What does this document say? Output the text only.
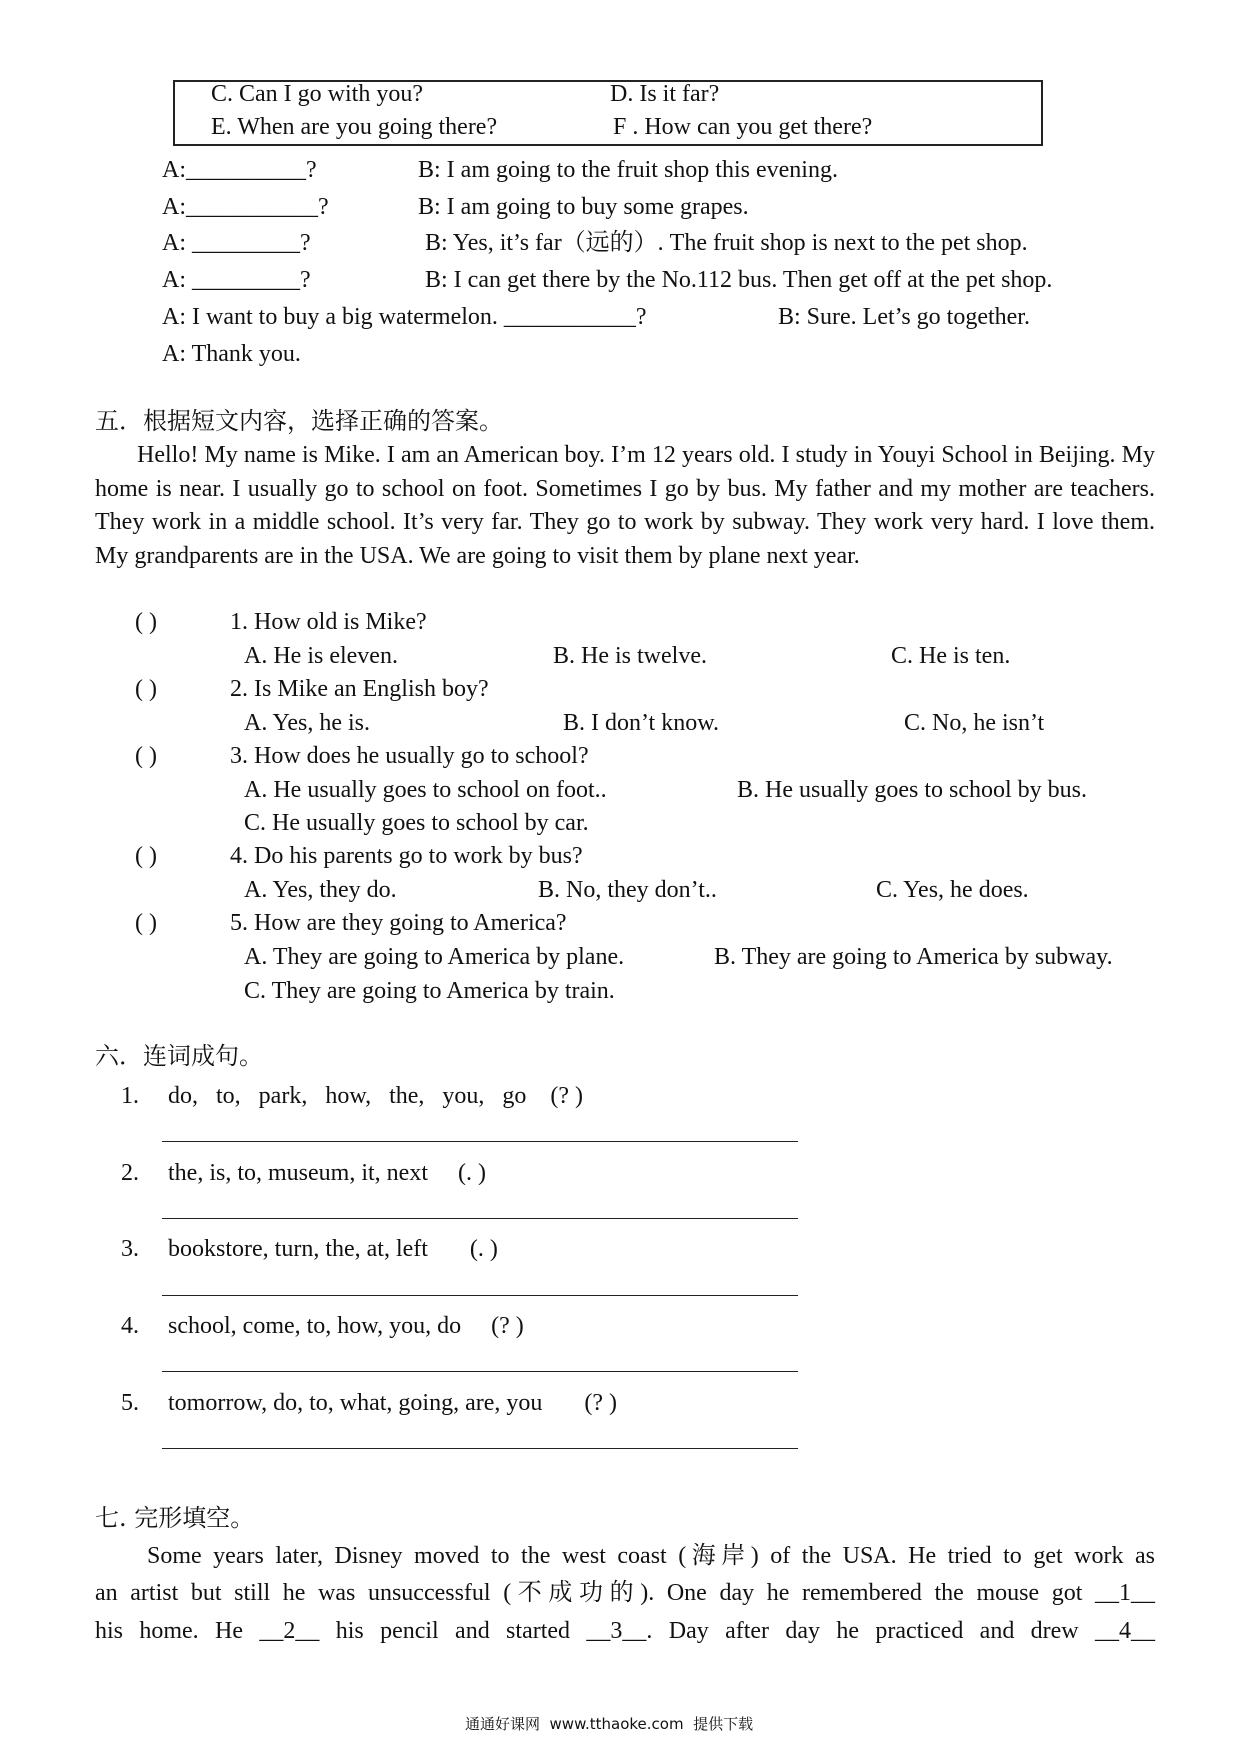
C. Can I go with you?	D. Is it far?
E. When are you going there?	F . How can you get there?
A:__________?	B: I am going to the fruit shop this evening.
A:___________?	B: I am going to buy some grapes.
A: _________?	B: Yes, it’s far（远的）. The fruit shop is next to the pet shop.
A: _________?	B: I can get there by the No.112 bus. Then get off at the pet shop.
A: I want to buy a big watermelon. ___________?	B: Sure. Let’s go together.
A: Thank you.
五．根据短文内容，选择正确的答案。
Hello! My name is Mike. I am an American boy. I’m 12 years old. I study in Youyi School in Beijing. My home is near. I usually go to school on foot. Sometimes I go by bus. My father and my mother are teachers. They work in a middle school. It’s very far. They go to work by subway. They work very hard. I love them. My grandparents are in the USA. We are going to visit them by plane next year.
( )	1. How old is Mike?
A. He is eleven.	B. He is twelve.	C. He is ten.
( )	2. Is Mike an English boy?
A. Yes, he is.	B. I don’t know.	C. No, he isn’t
( )	3. How does he usually go to school?
A. He usually goes to school on foot..	B. He usually goes to school by bus.
C. He usually goes to school by car.
( )	4. Do his parents go to work by bus?
A. Yes, they do.	B. No, they don’t..	C. Yes, he does.
( )	5. How are they going to America?
A. They are going to America by plane.	B. They are going to America by subway.
C. They are going to America by train.
六．连词成句。
1. do,   to,   park,   how,   the,   you,   go    (? )
2. the, is, to, museum, it, next     (. )
3. bookstore, turn, the, at, left       (. )
4. school, come, to, how, you, do     (? )
5. tomorrow, do, to, what, going, are, you       (? )
七. 完形填空。
Some years later, Disney moved to the west coast (海岸) of the USA. He tried to get work as
an artist but still he was unsuccessful (不成功的). One day he remembered the mouse got __1__
his home. He __2__ his pencil and started __3__. Day after day he practiced and drew __4__
通通好课网  www.tthaoke.com  提供下载
